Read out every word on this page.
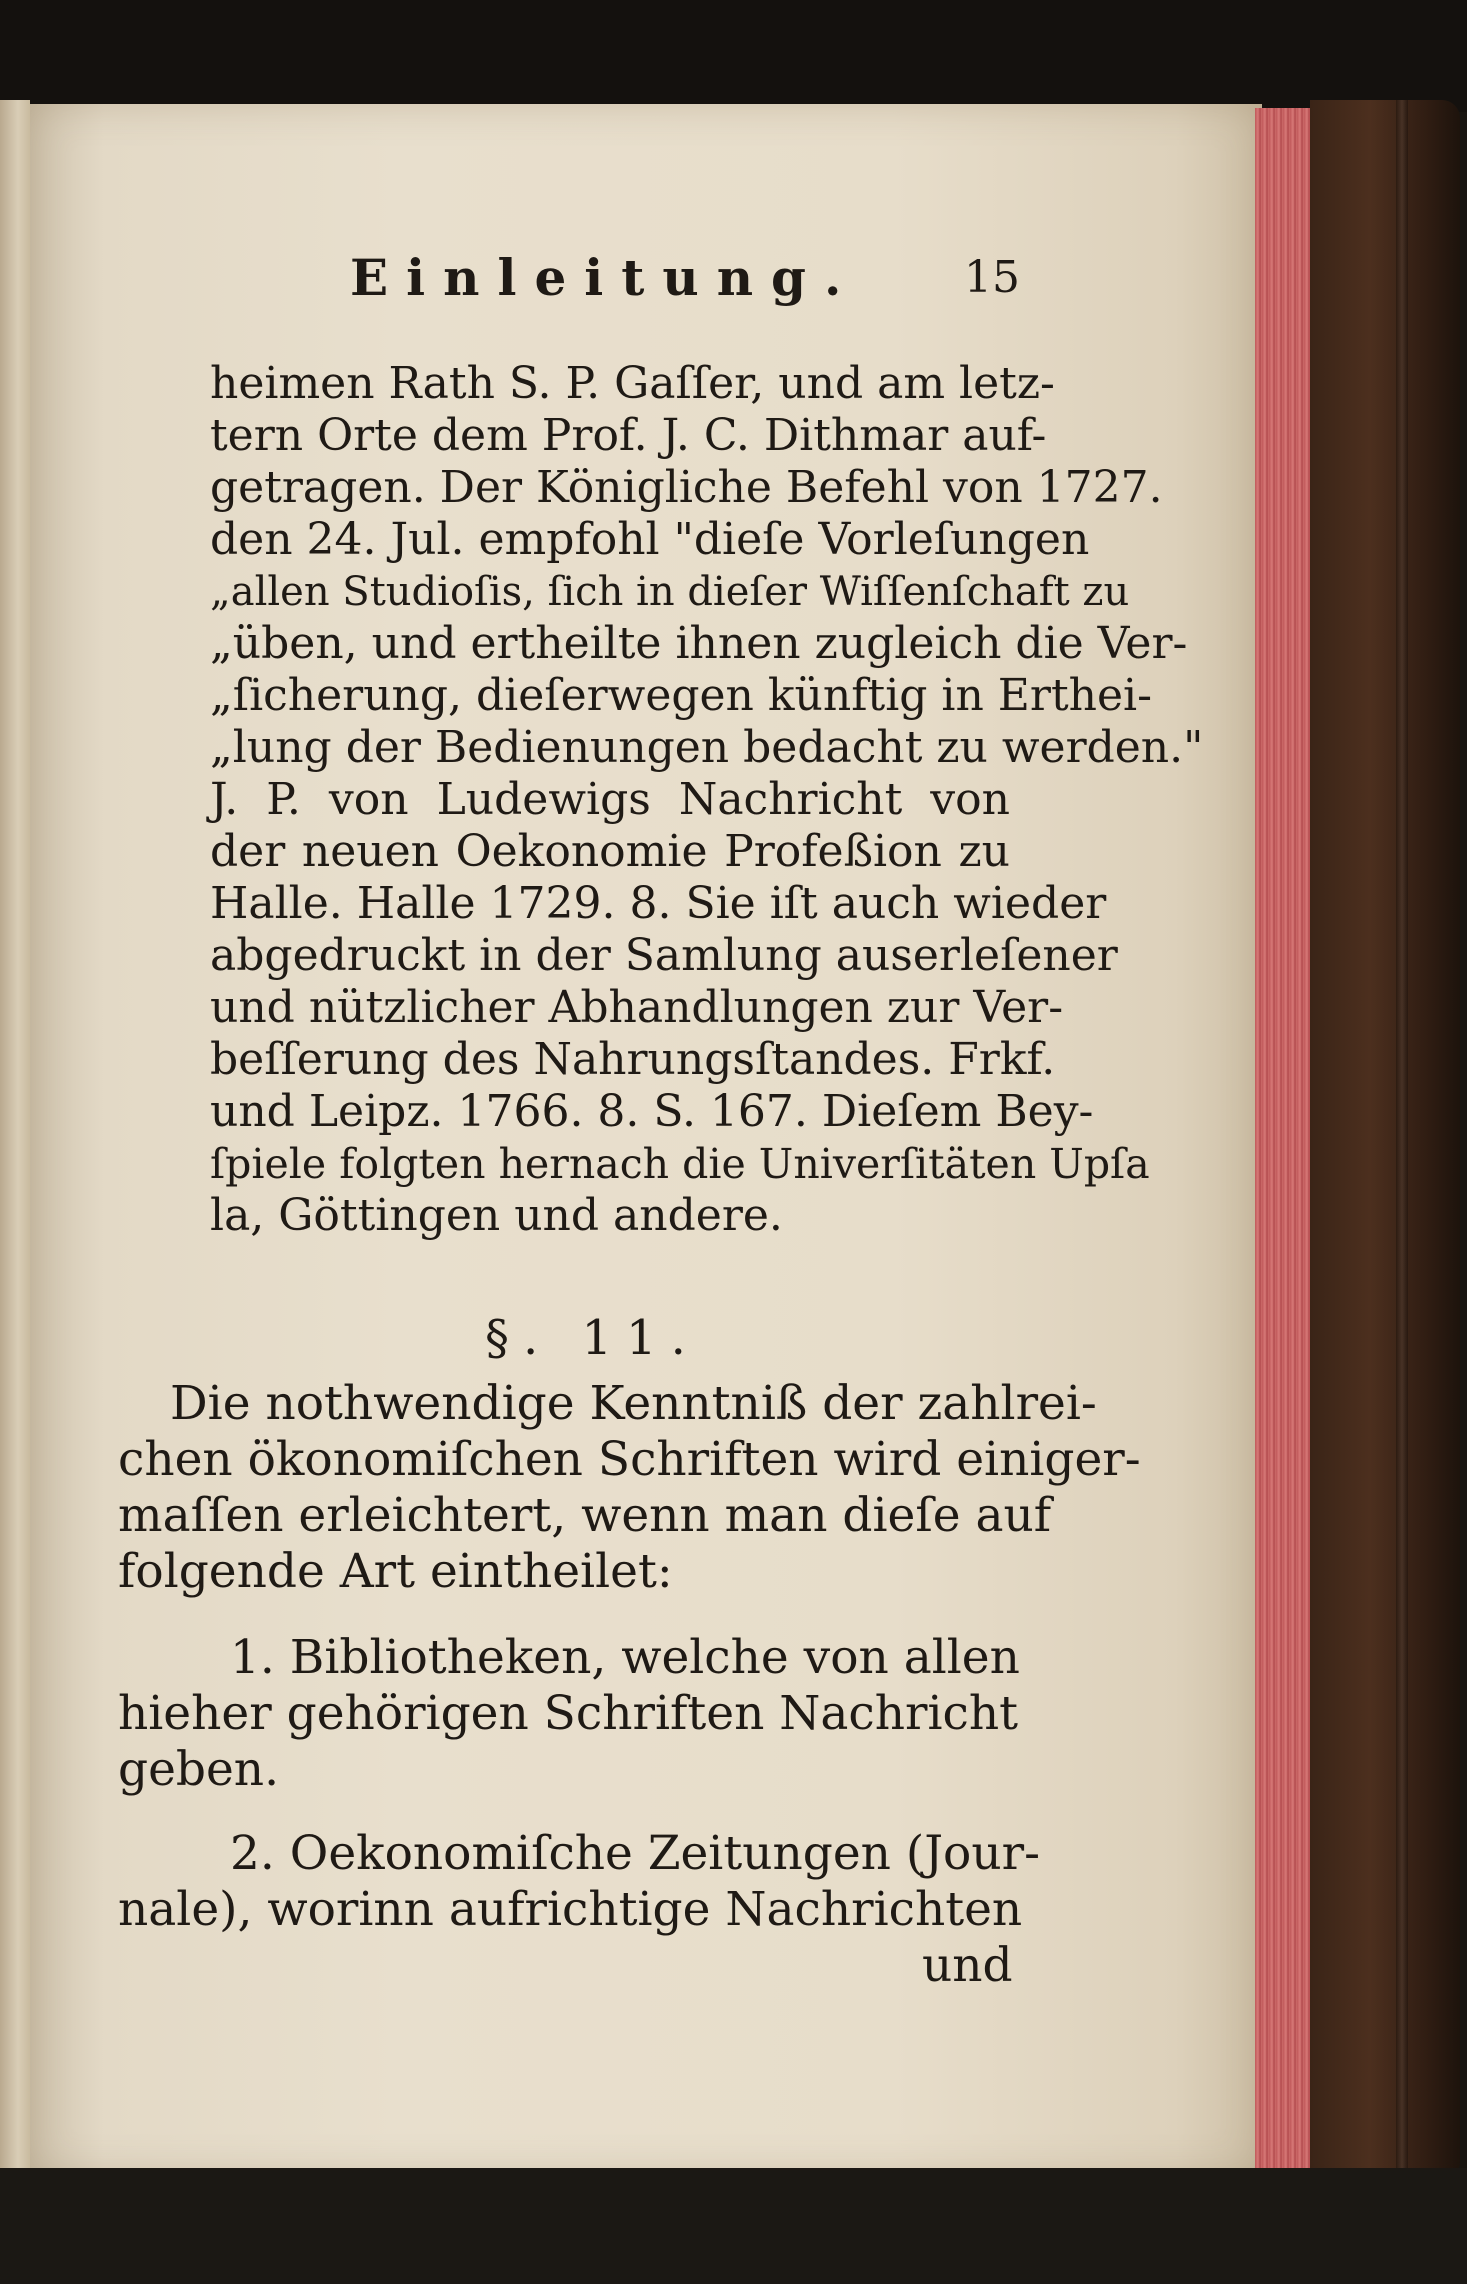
Einleitung. 15
heimen Rath S. P. Gaſſer, und am letz-
tern Orte dem Prof. J. C. Dithmar auf-
getragen. Der Königliche Befehl von 1727.
den 24. Jul. empfohl "dieſe Vorleſungen
„allen Studioſis, ſich in dieſer Wiſſenſchaft zu
„üben, und ertheilte ihnen zugleich die Ver-
„ſicherung, dieſerwegen künftig in Erthei-
„lung der Bedienungen bedacht zu werden."
J. P. von Ludewigs Nachricht von
der neuen Oekonomie Profeßion zu
Halle. Halle 1729. 8. Sie iſt auch wieder
abgedruckt in der Samlung auserleſener
und nützlicher Abhandlungen zur Ver-
beſſerung des Nahrungsſtandes. Frkf.
und Leipz. 1766. 8. S. 167. Dieſem Bey-
ſpiele folgten hernach die Univerſitäten Upſa
la, Göttingen und andere.
§. 11.
Die nothwendige Kenntniß der zahlrei-
chen ökonomiſchen Schriften wird einiger-
maſſen erleichtert, wenn man dieſe auf
folgende Art eintheilet:
1. Bibliotheken, welche von allen
hieher gehörigen Schriften Nachricht
geben.
2. Oekonomiſche Zeitungen (Jour-
nale), worinn aufrichtige Nachrichten
und
